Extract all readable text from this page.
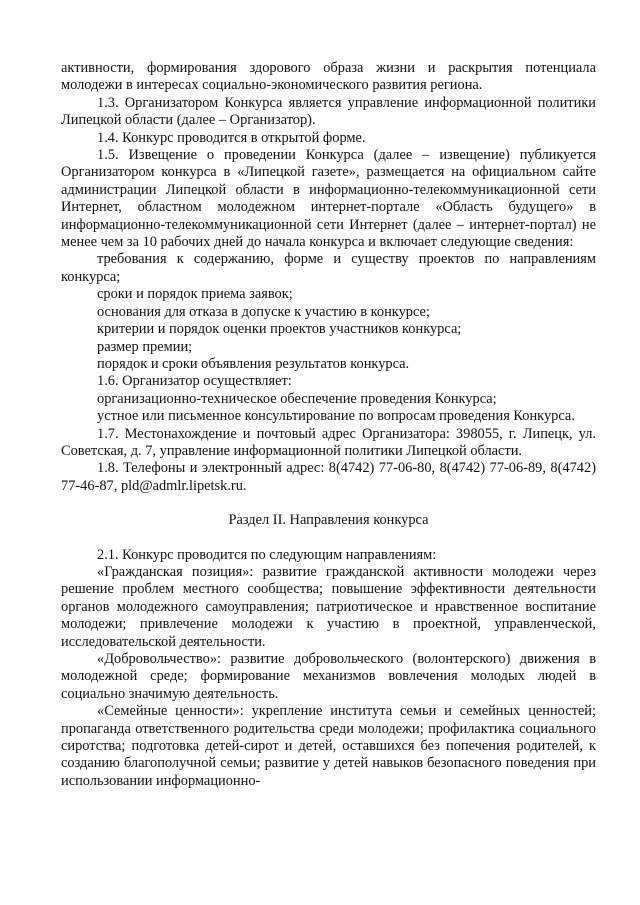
активности, формирования здорового образа жизни и раскрытия потенциала молодежи в интересах социально-экономического развития региона.

1.3. Организатором Конкурса является управление информационной политики Липецкой области (далее – Организатор).

1.4. Конкурс проводится в открытой форме.

1.5. Извещение о проведении Конкурса (далее – извещение) публикуется Организатором конкурса в «Липецкой газете», размещается на официальном сайте администрации Липецкой области в информационно-телекоммуникационной сети Интернет, областном молодежном интернет-портале «Область будущего» в информационно-телекоммуникационной сети Интернет (далее – интернет-портал) не менее чем за 10 рабочих дней до начала конкурса и включает следующие сведения:

требования к содержанию, форме и существу проектов по направлениям конкурса;

сроки и порядок приема заявок;

основания для отказа в допуске к участию в конкурсе;

критерии и порядок оценки проектов участников конкурса;

размер премии;

порядок и сроки объявления результатов конкурса.

1.6. Организатор осуществляет:

организационно-техническое обеспечение проведения Конкурса;

устное или письменное консультирование по вопросам проведения Конкурса.

1.7. Местонахождение и почтовый адрес Организатора: 398055, г. Липецк, ул. Советская, д. 7, управление информационной политики Липецкой области.

1.8. Телефоны и электронный адрес: 8(4742) 77-06-80, 8(4742) 77-06-89, 8(4742) 77-46-87, pld@admlr.lipetsk.ru.

Раздел II. Направления конкурса

2.1. Конкурс проводится по следующим направлениям:

«Гражданская позиция»: развитие гражданской активности молодежи через решение проблем местного сообщества; повышение эффективности деятельности органов молодежного самоуправления; патриотическое и нравственное воспитание молодежи; привлечение молодежи к участию в проектной, управленческой, исследовательской деятельности.

«Добровольчество»: развитие добровольческого (волонтерского) движения в молодежной среде; формирование механизмов вовлечения молодых людей в социально значимую деятельность.

«Семейные ценности»: укрепление института семьи и семейных ценностей; пропаганда ответственного родительства среди молодежи; профилактика социального сиротства; подготовка детей-сирот и детей, оставшихся без попечения родителей, к созданию благополучной семьи; развитие у детей навыков безопасного поведения при использовании информационно-
